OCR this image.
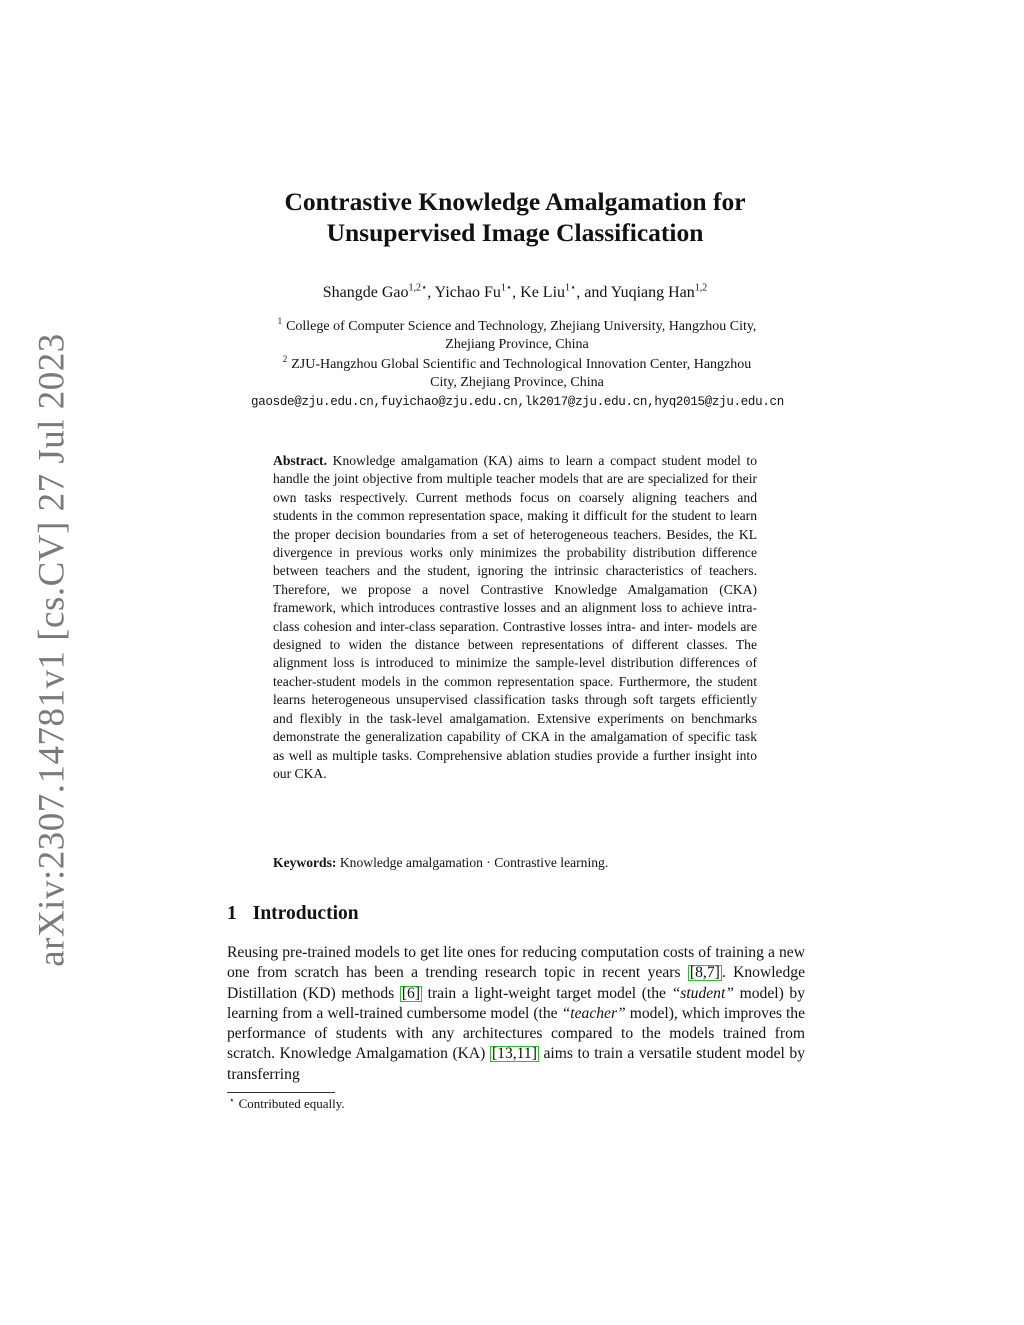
arXiv:2307.14781v1 [cs.CV] 27 Jul 2023
Contrastive Knowledge Amalgamation for
Unsupervised Image Classification
Shangde Gao$^{1,2⋆}$, Yichao $Fu^{1⋆}$, Ke Liu$^{1⋆}$, and Yuqiang Han$^{1,2}$
$^1$ College of Computer Science and Technology, Zhejiang University, Hangzhou City,
Zhejiang Province, China
$^2$ ZJU-Hangzhou Global Scientific and Technological Innovation Center, Hangzhou
City, Zhejiang Province, China
gaosde@zju.edu.cn,fuyichao@zju.edu.cn,lk2017@zju.edu.cn,hyq2015@zju.edu.cn
Abstract. Knowledge amalgamation (KA) aims to learn a compact student model to handle the joint objective from multiple teacher models that are are specialized for their own tasks respectively. Current methods focus on coarsely aligning teachers and students in the common representation space, making it difficult for the student to learn the proper decision boundaries from a set of heterogeneous teachers. Besides, the KL divergence in previous works only minimizes the probability distribution difference between teachers and the student, ignoring the intrinsic characteristics of teachers. Therefore, we propose a novel Contrastive Knowledge Amalgamation (CKA) framework, which introduces contrastive losses and an alignment loss to achieve intra-class cohesion and inter-class separation. Contrastive losses intra- and inter- models are designed to widen the distance between representations of different classes. The alignment loss is introduced to minimize the sample-level distribution differences of teacher-student models in the common representation space. Furthermore, the student learns heterogeneous unsupervised classification tasks through soft targets efficiently and flexibly in the task-level amalgamation. Extensive experiments on benchmarks demonstrate the generalization capability of CKA in the amalgamation of specific task as well as multiple tasks. Comprehensive ablation studies provide a further insight into our CKA.
Keywords: Knowledge amalgamation · Contrastive learning.
1 Introduction
Reusing pre-trained models to get lite ones for reducing computation costs of training a new one from scratch has been a trending research topic in recent years [8,7] . Knowledge Distillation (KD) methods [6] train a light-weight target model (the “student” model) by learning from a well-trained cumbersome model (the “teacher” model), which improves the performance of students with any architectures compared to the models trained from scratch. Knowledge Amalgamation (KA) [13,11] aims to train a versatile student model by transferring
⋆ Contributed equally.
